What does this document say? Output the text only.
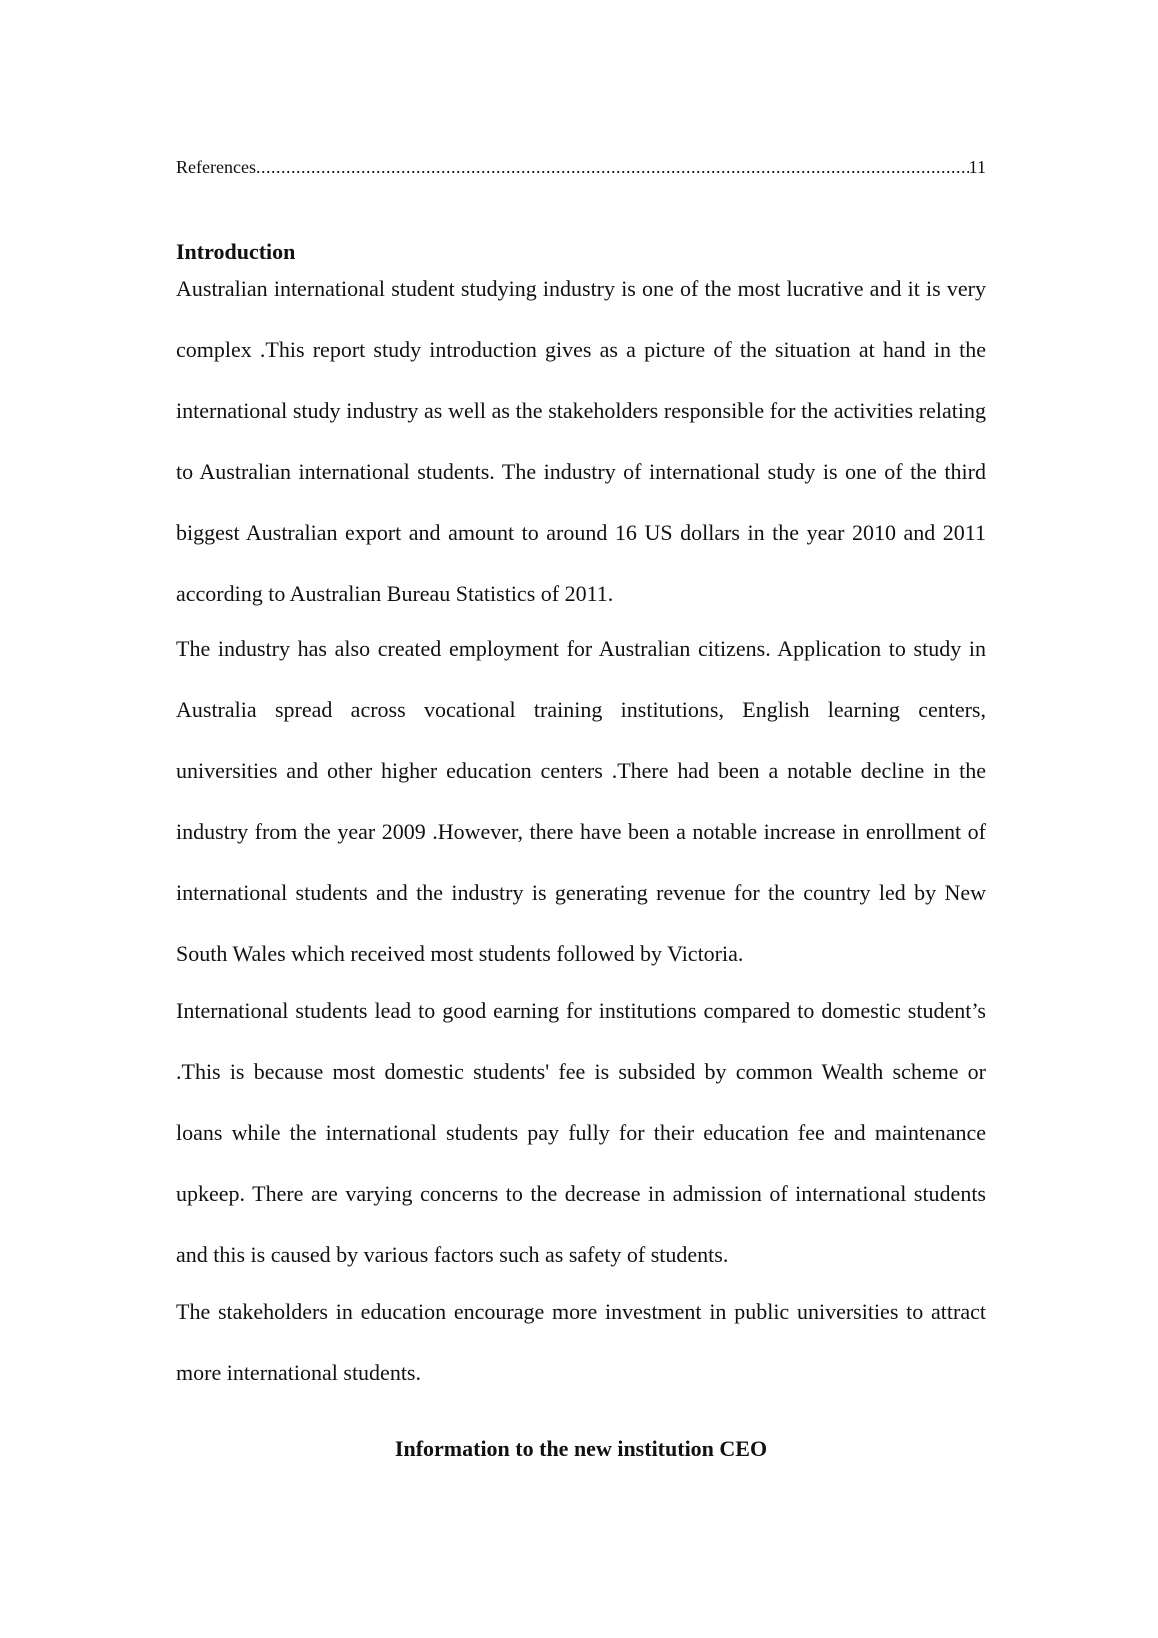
References
.....	11
Introduction

Australian international student studying industry is one of the most lucrative and it is very complex .This report study introduction gives as a picture of the situation at hand in the international study industry as well as the stakeholders responsible for the activities relating to Australian international students. The industry of international study is one of the third biggest Australian export and amount to around 16 US dollars in the year 2010 and 2011 according to Australian Bureau Statistics of 2011.

The industry has also created employment for Australian citizens. Application to study in Australia spread across vocational training institutions, English learning centers, universities and other higher education centers .There had been a notable decline in the industry from the year 2009 .However, there have been a notable increase in enrollment of international students and the industry is generating revenue for the country led by New South Wales which received most students followed by Victoria.

International students lead to good earning for institutions compared to domestic student’s .This is because most domestic students' fee is subsided by common Wealth scheme or loans while the international students pay fully for their education fee and maintenance upkeep. There are varying concerns to the decrease in admission of international students and this is caused by various factors such as safety of students.

The stakeholders in education encourage more investment in public universities to attract more international students.

Information to the new institution CEO
